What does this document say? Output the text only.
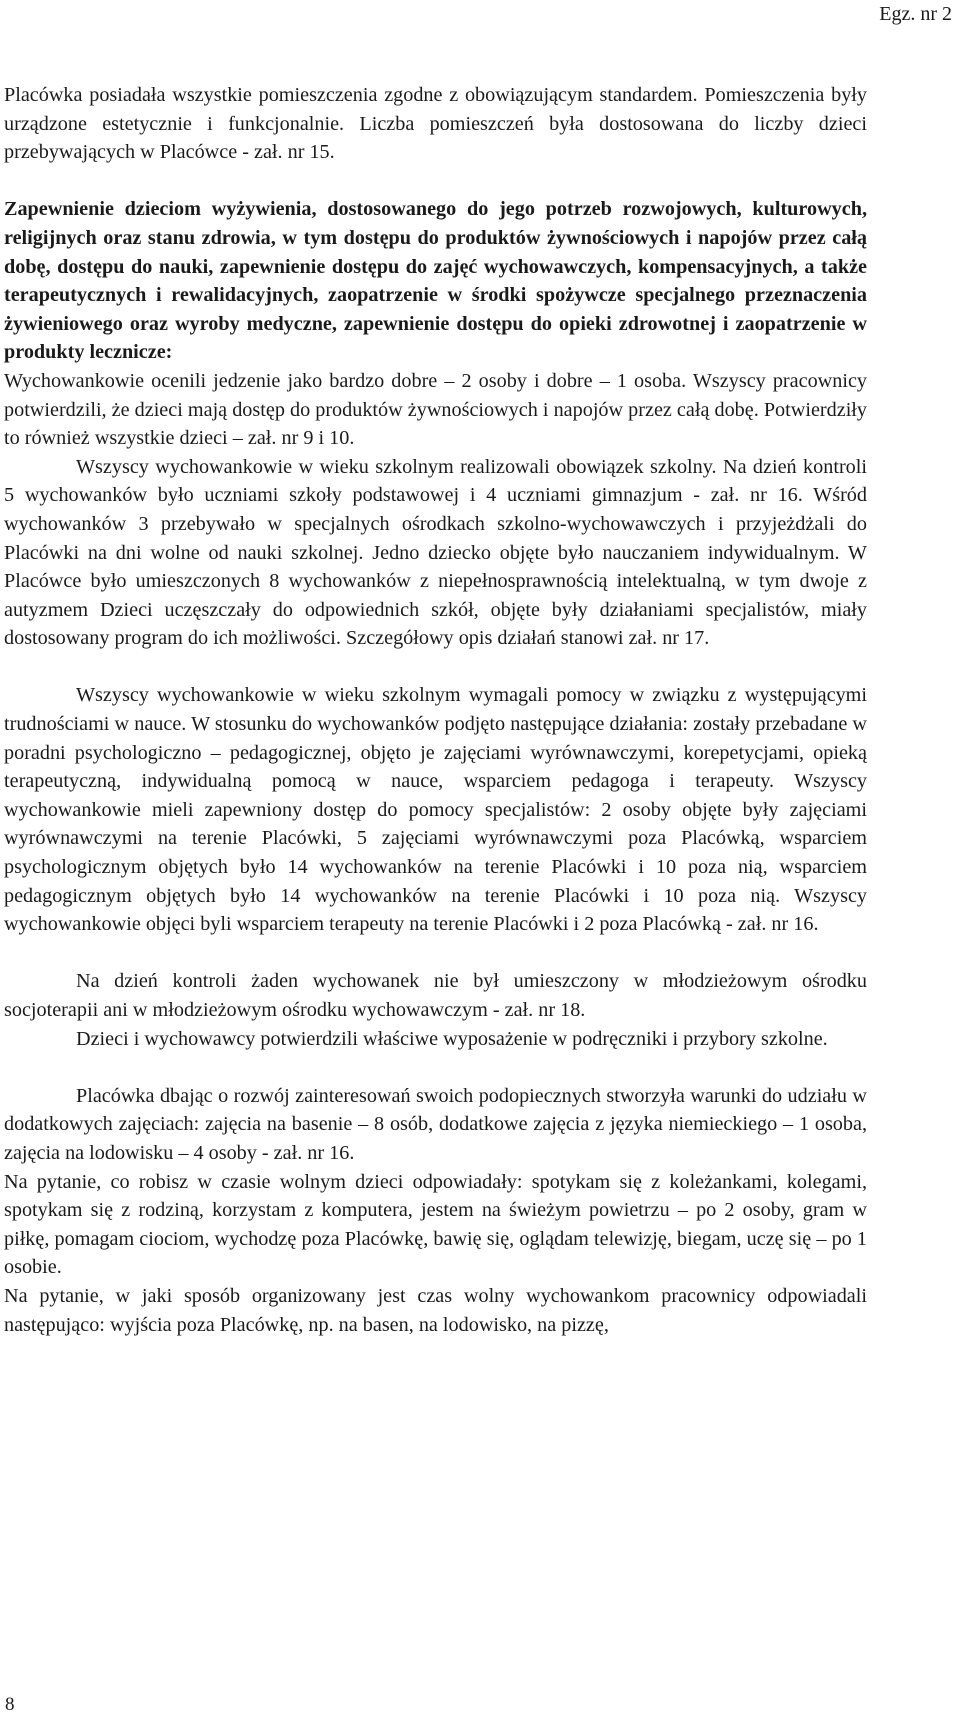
Egz. nr 2

Placówka posiadała wszystkie pomieszczenia zgodne z obowiązującym standardem. Pomieszczenia były urządzone estetycznie i funkcjonalnie. Liczba pomieszczeń była dostosowana do liczby dzieci przebywających w Placówce - zał. nr 15.

Zapewnienie dzieciom wyżywienia, dostosowanego do jego potrzeb rozwojowych, kulturowych, religijnych oraz stanu zdrowia, w tym dostępu do produktów żywnościowych i napojów przez całą dobę, dostępu do nauki, zapewnienie dostępu do zajęć wychowawczych, kompensacyjnych, a także terapeutycznych i rewalidacyjnych, zaopatrzenie w środki spożywcze specjalnego przeznaczenia żywieniowego oraz wyroby medyczne, zapewnienie dostępu do opieki zdrowotnej i zaopatrzenie w produkty lecznicze:

Wychowankowie ocenili jedzenie jako bardzo dobre – 2 osoby i dobre – 1 osoba. Wszyscy pracownicy potwierdzili, że dzieci mają dostęp do produktów żywnościowych i napojów przez całą dobę. Potwierdziły to również wszystkie dzieci – zał. nr 9 i 10.

Wszyscy wychowankowie w wieku szkolnym realizowali obowiązek szkolny. Na dzień kontroli 5 wychowanków było uczniami szkoły podstawowej i 4 uczniami gimnazjum - zał. nr 16. Wśród wychowanków 3 przebywało w specjalnych ośrodkach szkolno-wychowawczych i przyjeżdżali do Placówki na dni wolne od nauki szkolnej. Jedno dziecko objęte było nauczaniem indywidualnym. W Placówce było umieszczonych 8 wychowanków z niepełnosprawnością intelektualną, w tym dwoje z autyzmem Dzieci uczęszczały do odpowiednich szkół, objęte były działaniami specjalistów, miały dostosowany program do ich możliwości. Szczegółowy opis działań stanowi zał. nr 17.

Wszyscy wychowankowie w wieku szkolnym wymagali pomocy w związku z występującymi trudnościami w nauce. W stosunku do wychowanków podjęto następujące działania: zostały przebadane w poradni psychologiczno – pedagogicznej, objęto je zajęciami wyrównawczymi, korepetycjami, opieką terapeutyczną, indywidualną pomocą w nauce, wsparciem pedagoga i terapeuty. Wszyscy wychowankowie mieli zapewniony dostęp do pomocy specjalistów: 2 osoby objęte były zajęciami wyrównawczymi na terenie Placówki, 5 zajęciami wyrównawczymi poza Placówką, wsparciem psychologicznym objętych było 14 wychowanków na terenie Placówki i 10 poza nią, wsparciem pedagogicznym objętych było 14 wychowanków na terenie Placówki i 10 poza nią. Wszyscy wychowankowie objęci byli wsparciem terapeuty na terenie Placówki i 2 poza Placówką - zał. nr 16.

Na dzień kontroli żaden wychowanek nie był umieszczony w młodzieżowym ośrodku socjoterapii ani w młodzieżowym ośrodku wychowawczym - zał. nr 18.

Dzieci i wychowawcy potwierdzili właściwe wyposażenie w podręczniki i przybory szkolne.

Placówka dbając o rozwój zainteresowań swoich podopiecznych stworzyła warunki do udziału w dodatkowych zajęciach: zajęcia na basenie – 8 osób, dodatkowe zajęcia z języka niemieckiego – 1 osoba, zajęcia na lodowisku – 4 osoby - zał. nr 16.

Na pytanie, co robisz w czasie wolnym dzieci odpowiadały: spotykam się z koleżankami, kolegami, spotykam się z rodziną, korzystam z komputera, jestem na świeżym powietrzu – po 2 osoby, gram w piłkę, pomagam ciociom, wychodzę poza Placówkę, bawię się, oglądam telewizję, biegam, uczę się – po 1 osobie.

Na pytanie, w jaki sposób organizowany jest czas wolny wychowankom pracownicy odpowiadali następująco: wyjścia poza Placówkę, np. na basen, na lodowisko, na pizzę,

8
